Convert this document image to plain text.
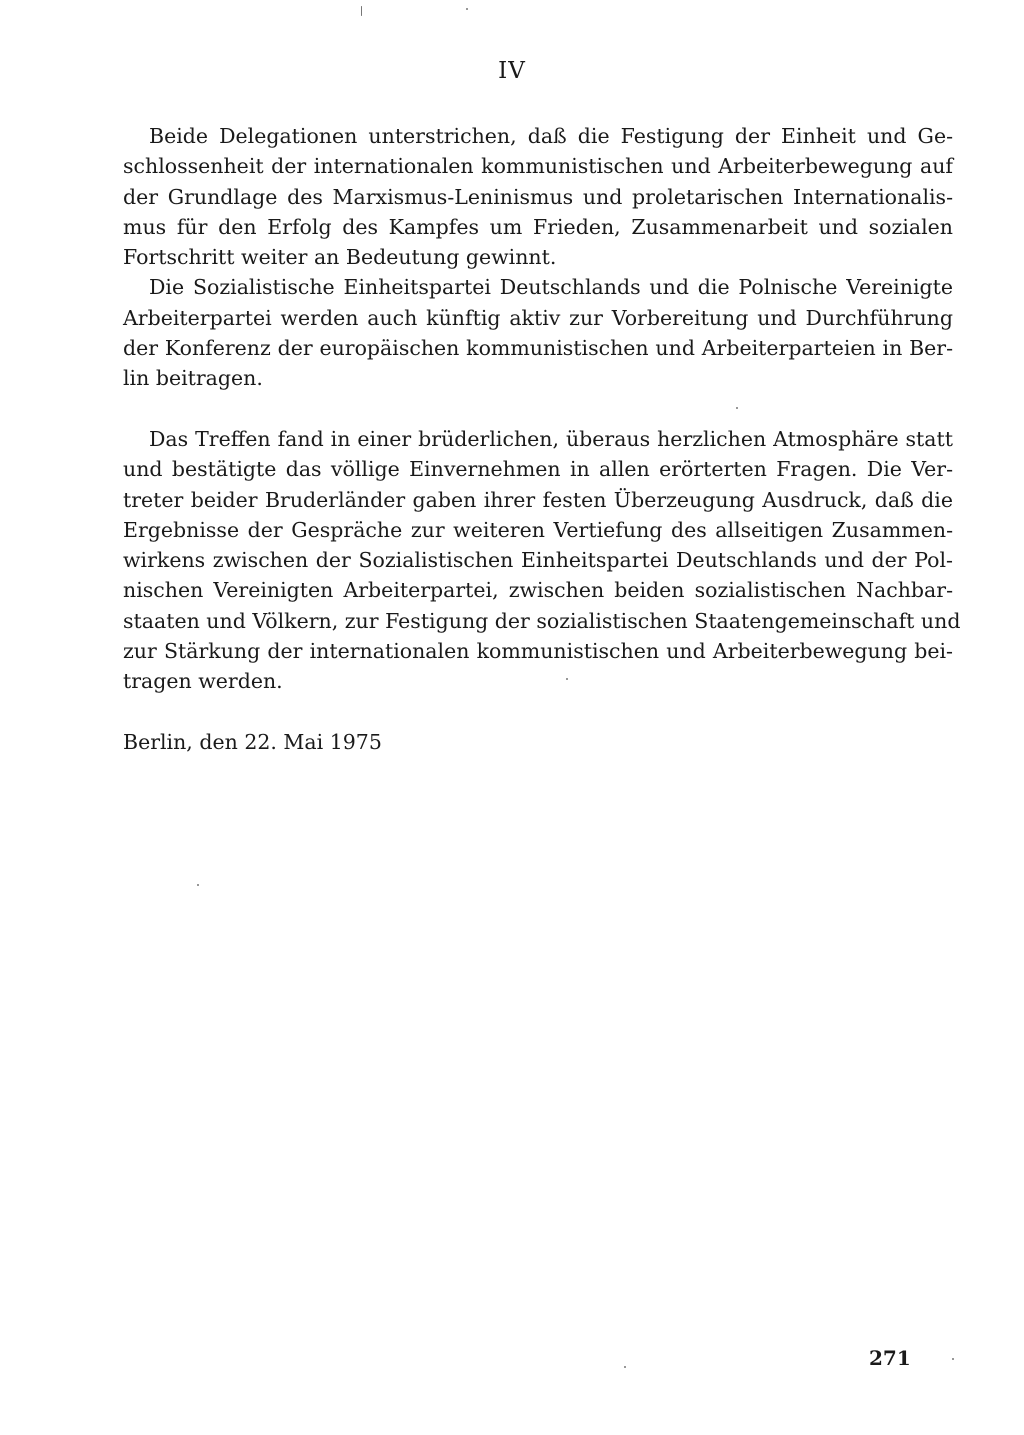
IV
Beide Delegationen unterstrichen, daß die Festigung der Einheit und Ge-
schlossenheit der internationalen kommunistischen und Arbeiterbewegung auf
der Grundlage des Marxismus-Leninismus und proletarischen Internationalis-
mus für den Erfolg des Kampfes um Frieden, Zusammenarbeit und sozialen
Fortschritt weiter an Bedeutung gewinnt.
Die Sozialistische Einheitspartei Deutschlands und die Polnische Vereinigte
Arbeiterpartei werden auch künftig aktiv zur Vorbereitung und Durchführung
der Konferenz der europäischen kommunistischen und Arbeiterparteien in Ber-
lin beitragen.
Das Treffen fand in einer brüderlichen, überaus herzlichen Atmosphäre statt
und bestätigte das völlige Einvernehmen in allen erörterten Fragen. Die Ver-
treter beider Bruderländer gaben ihrer festen Überzeugung Ausdruck, daß die
Ergebnisse der Gespräche zur weiteren Vertiefung des allseitigen Zusammen-
wirkens zwischen der Sozialistischen Einheitspartei Deutschlands und der Pol-
nischen Vereinigten Arbeiterpartei, zwischen beiden sozialistischen Nachbar-
staaten und Völkern, zur Festigung der sozialistischen Staatengemeinschaft und
zur Stärkung der internationalen kommunistischen und Arbeiterbewegung bei-
tragen werden.
Berlin, den 22. Mai 1975
271
